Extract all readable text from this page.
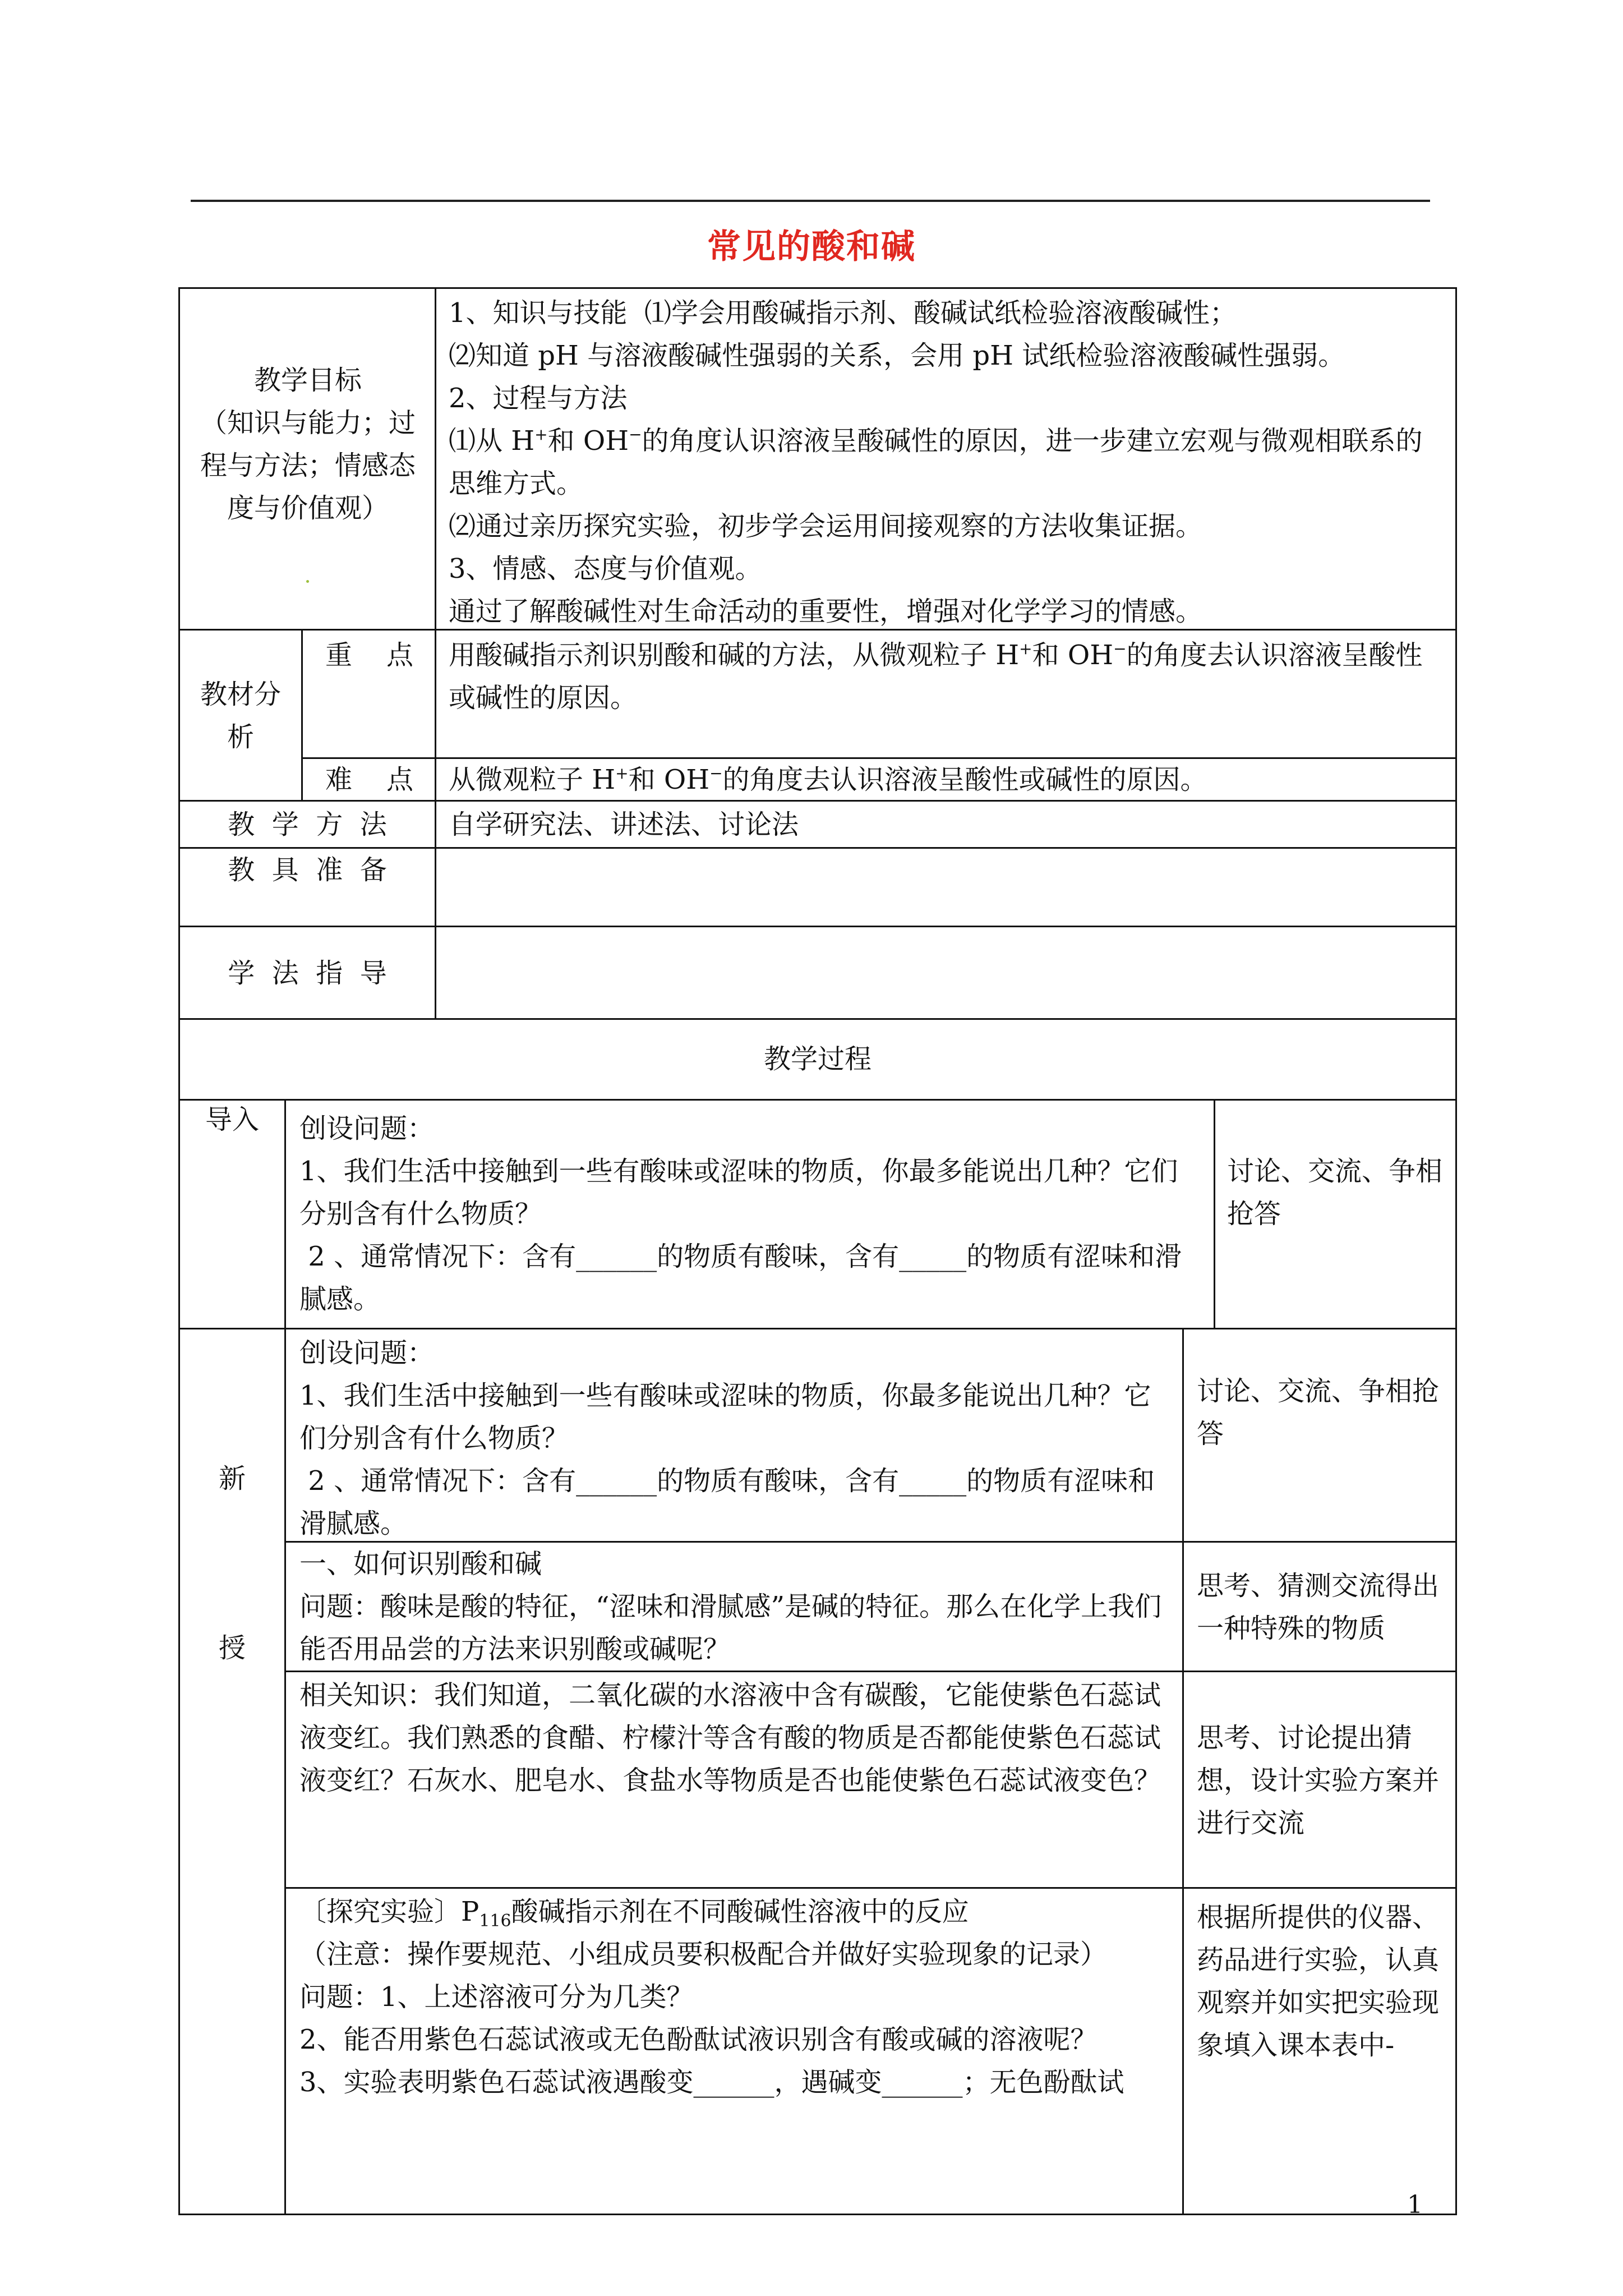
常见的酸和碱
教学目标
（知识与能力；过程与方法；情感态度与价值观）
1、知识与技能  ⑴学会用酸碱指示剂、酸碱试纸检验溶液酸碱性；
⑵知道 pH 与溶液酸碱性强弱的关系，会用 pH 试纸检验溶液酸碱性强弱。
2、过程与方法
⑴从 H+和 OH−的角度认识溶液呈酸碱性的原因，进一步建立宏观与微观相联系的
思维方式。
⑵通过亲历探究实验，初步学会运用间接观察的方法收集证据。
3、情感、态度与价值观。
通过了解酸碱性对生命活动的重要性，增强对化学学习的情感。
教材分
析
重    点 用酸碱指示剂识别酸和碱的方法，从微观粒子 H+和 OH−的角度去认识溶液呈酸性
或碱性的原因。
难    点 从微观粒子 H+和 OH−的角度去认识溶液呈酸性或碱性的原因。
教  学  方  法	自学研究法、讲述法、讨论法
教  具  准  备
学  法  指  导
教学过程
导入	创设问题：
1、我们生活中接触到一些有酸味或涩味的物质，你最多能说出几种？它们分别含有什么物质？
2 、通常情况下：含有______的物质有酸味，含有_____的物质有涩味和滑腻感。
讨论、交流、争相抢答
新
授
创设问题：
1、我们生活中接触到一些有酸味或涩味的物质，你最多能说出几种？它们分别含有什么物质？
2 、通常情况下：含有______的物质有酸味，含有_____的物质有涩味和滑腻感。
讨论、交流、争相抢答
一、如何识别酸和碱
问题：酸味是酸的特征，“涩味和滑腻感”是碱的特征。那么在化学上我们能否用品尝的方法来识别酸或碱呢？
思考、猜测交流得出一种特殊的物质
相关知识：我们知道，二氧化碳的水溶液中含有碳酸，它能使紫色石蕊试液变红。我们熟悉的食醋、柠檬汁等含有酸的物质是否都能使紫色石蕊试液变红？石灰水、肥皂水、食盐水等物质是否也能使紫色石蕊试液变色？
思考、讨论提出猜想，设计实验方案并进行交流
〔探究实验〕$P_{116}$酸碱指示剂在不同酸碱性溶液中的反应
（注意：操作要规范、小组成员要积极配合并做好实验现象的记录）
问题：1、上述溶液可分为几类？
2、能否用紫色石蕊试液或无色酚酞试液识别含有酸或碱的溶液呢？
3、实验表明紫色石蕊试液遇酸变______，遇碱变______；无色酚酞试
根据所提供的仪器、药品进行实验，认真观察并如实把实验现象填入课本表中-
1
